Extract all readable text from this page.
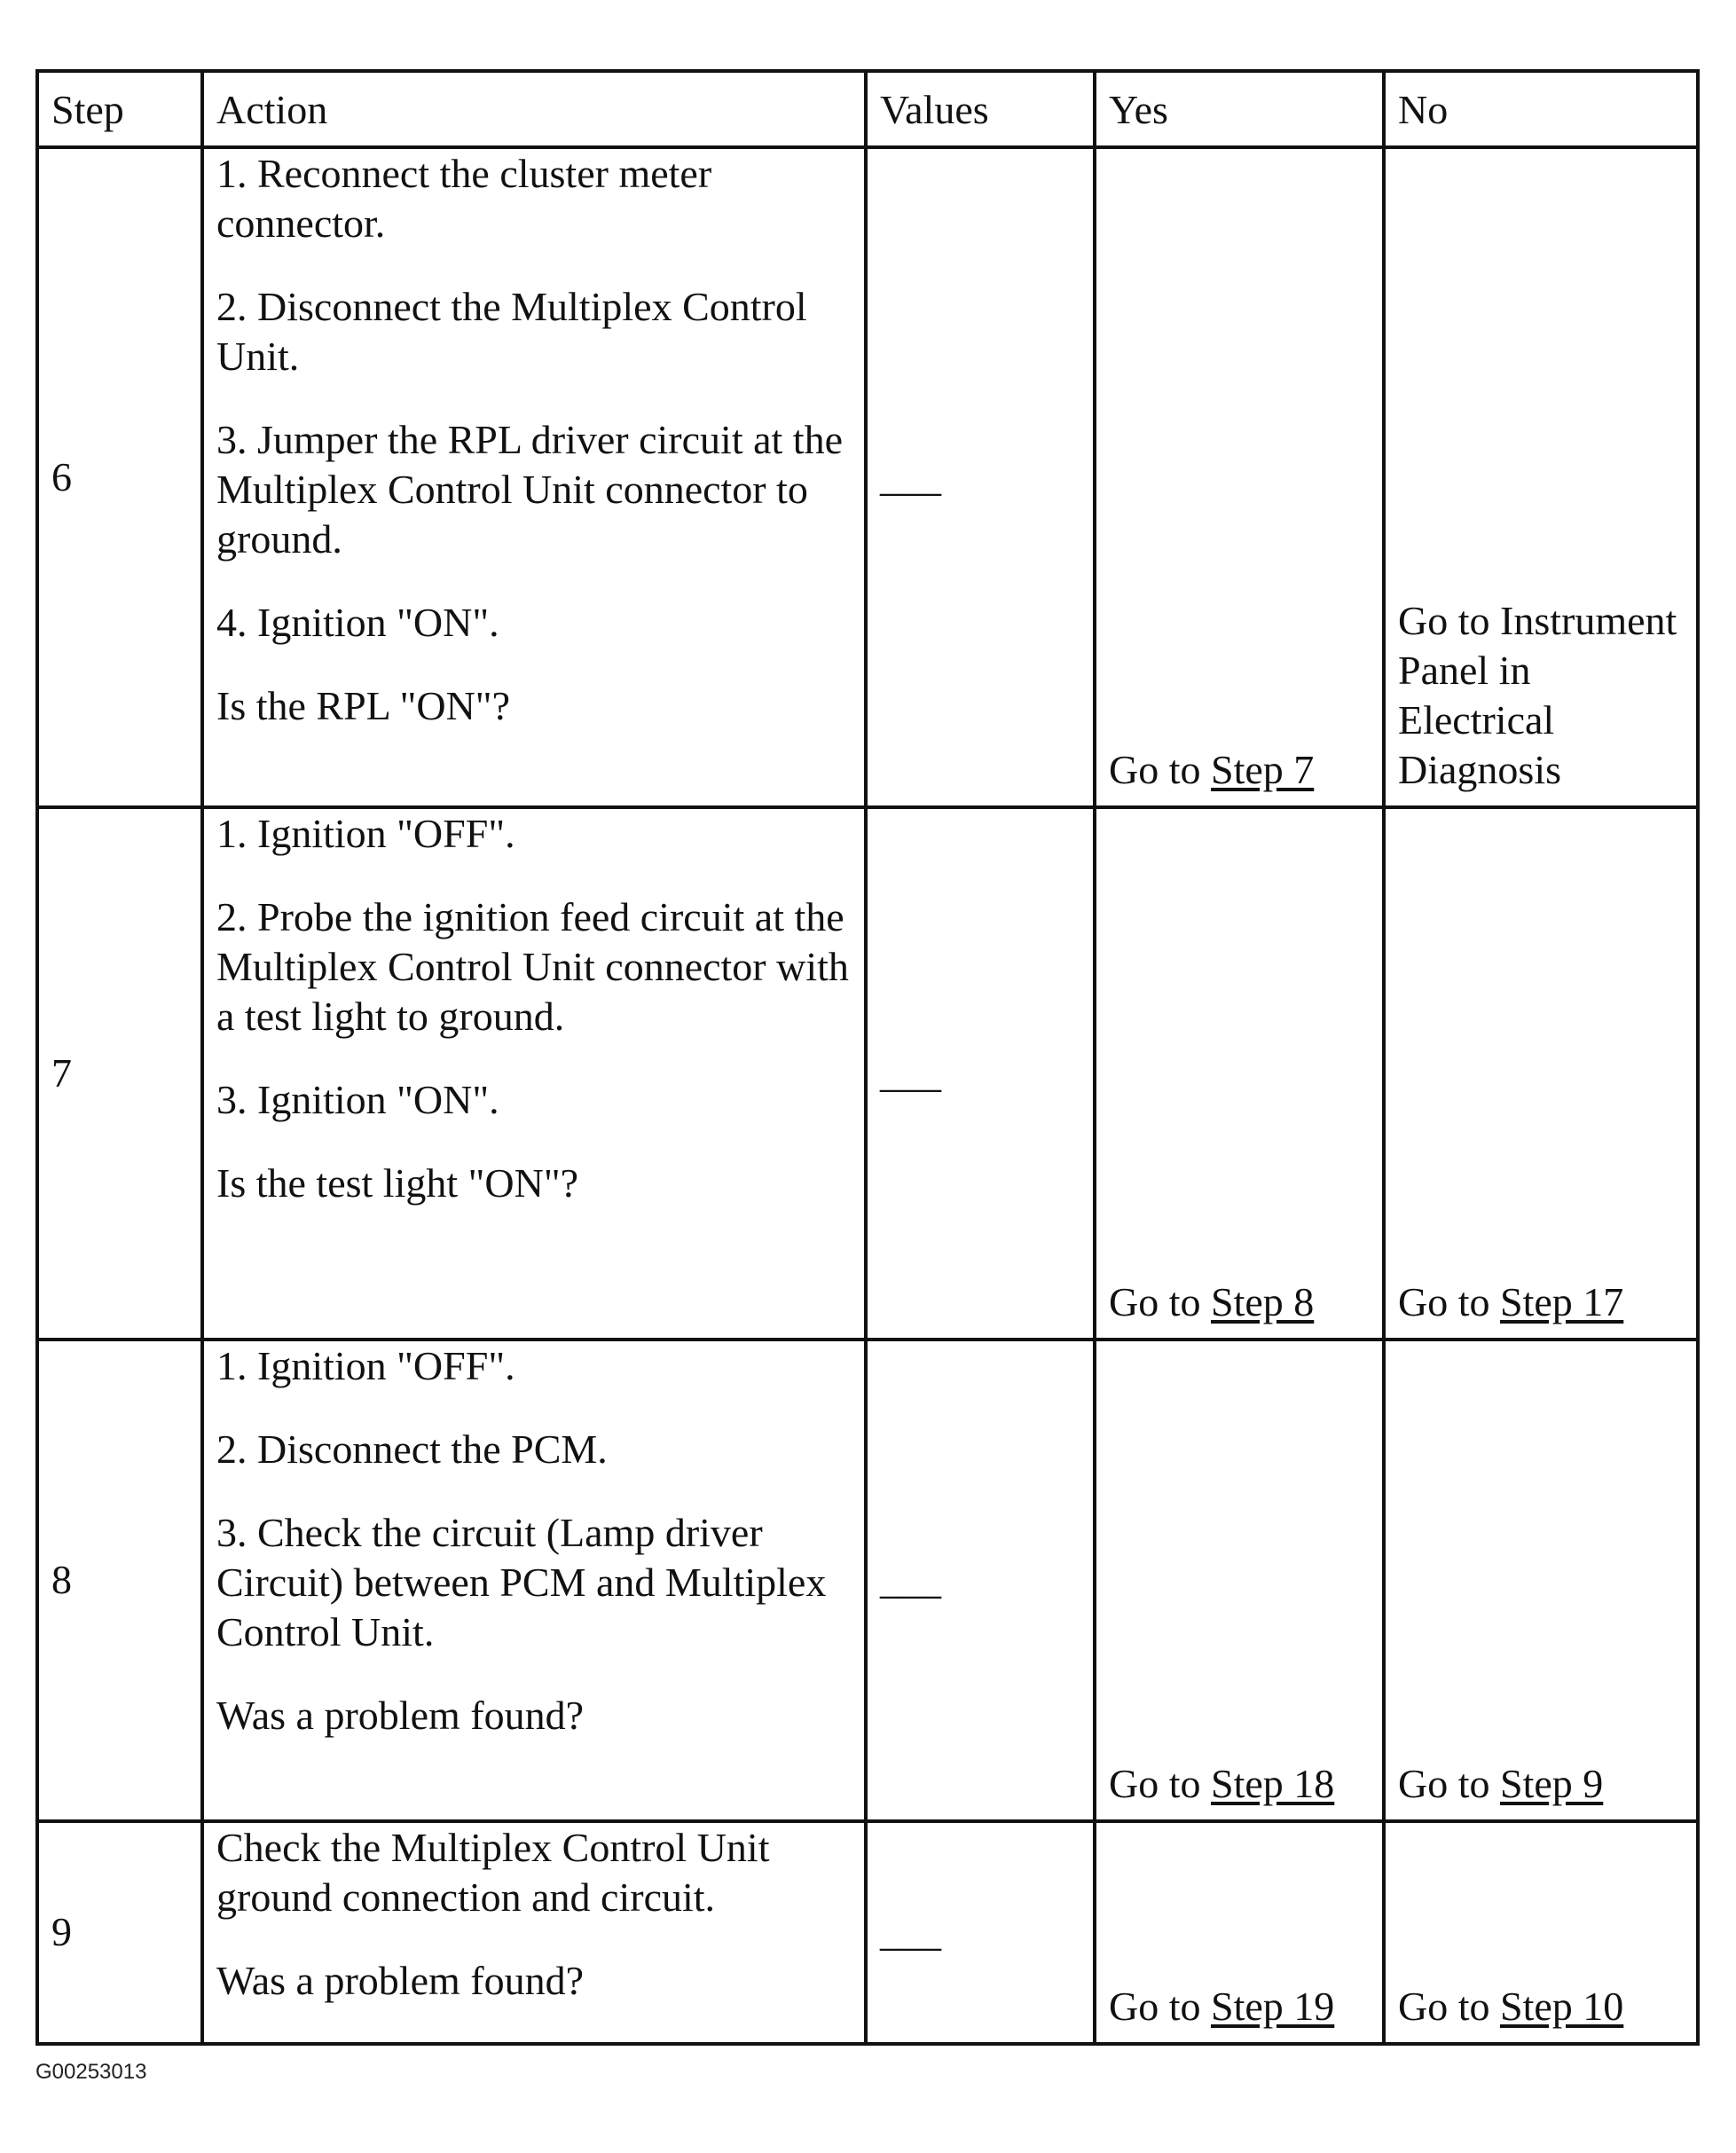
Step	Action	Values	Yes	No
6	1. Reconnect the cluster meter connector.
2. Disconnect the Multiplex Control Unit.
3. Jumper the RPL driver circuit at the Multiplex Control Unit connector to ground.
4. Ignition "ON".
Is the RPL "ON"?	___	Go to Step 7	Go to Instrument Panel in Electrical Diagnosis
7	1. Ignition "OFF".
2. Probe the ignition feed circuit at the Multiplex Control Unit connector with a test light to ground.
3. Ignition "ON".
Is the test light "ON"?	___	Go to Step 8	Go to Step 17
8	1. Ignition "OFF".
2. Disconnect the PCM.
3. Check the circuit (Lamp driver Circuit) between PCM and Multiplex Control Unit.
Was a problem found?	___	Go to Step 18	Go to Step 9
9	Check the Multiplex Control Unit ground connection and circuit.
Was a problem found?	___	Go to Step 19	Go to Step 10
G00253013
